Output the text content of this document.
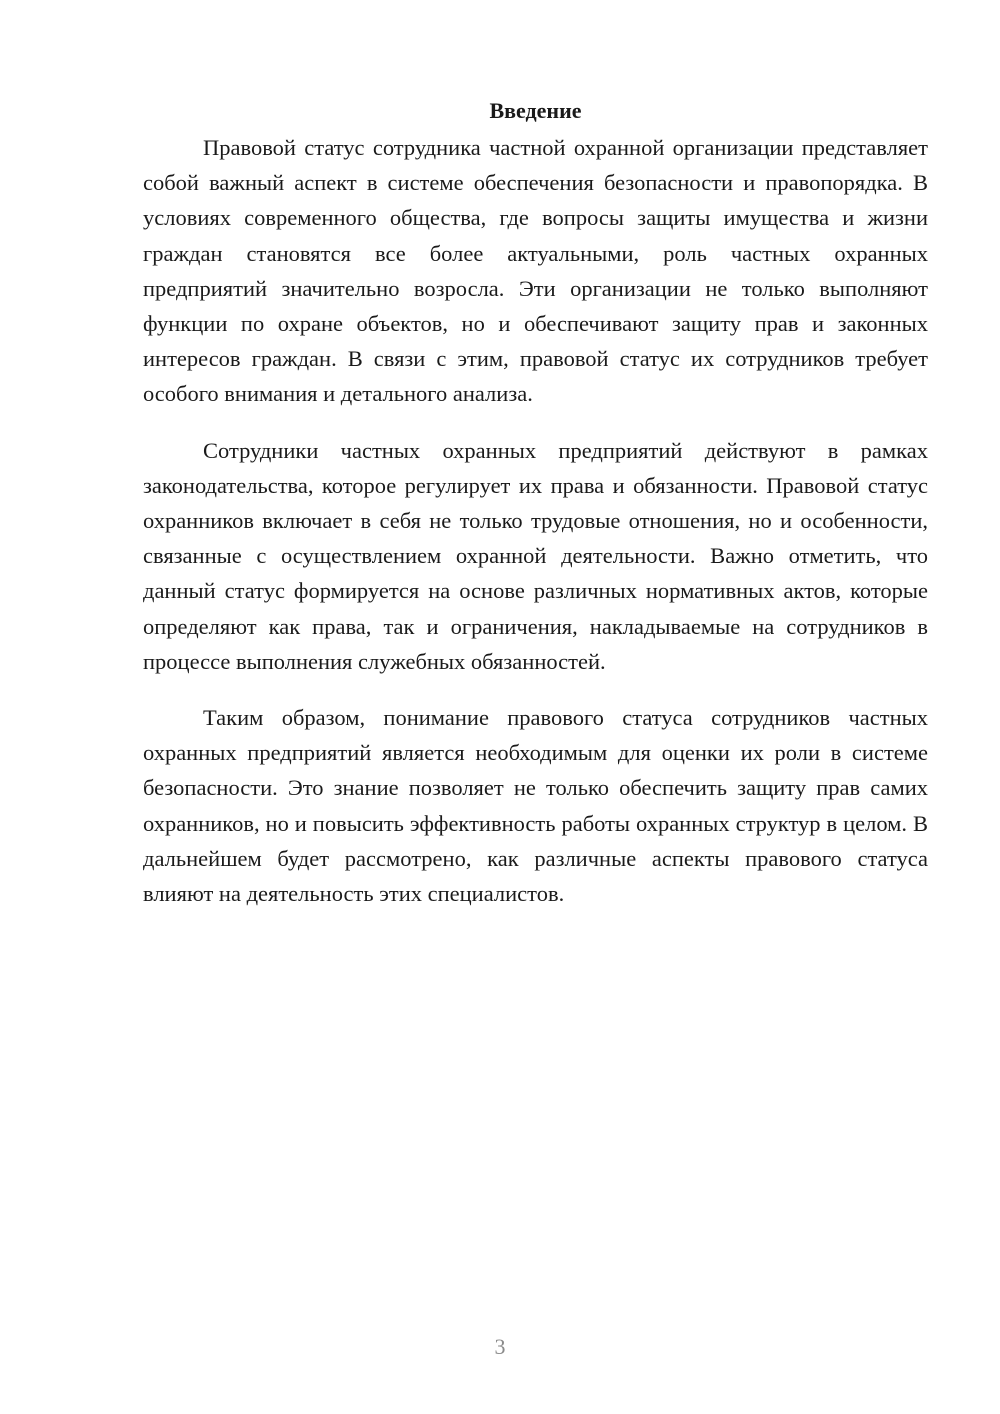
Введение

Правовой статус сотрудника частной охранной организации представляет собой важный аспект в системе обеспечения безопасности и правопорядка. В условиях современного общества, где вопросы защиты имущества и жизни граждан становятся все более актуальными, роль частных охранных предприятий значительно возросла. Эти организации не только выполняют функции по охране объектов, но и обеспечивают защиту прав и законных интересов граждан. В связи с этим, правовой статус их сотрудников требует особого внимания и детального анализа.

Сотрудники частных охранных предприятий действуют в рамках законодательства, которое регулирует их права и обязанности. Правовой статус охранников включает в себя не только трудовые отношения, но и особенности, связанные с осуществлением охранной деятельности. Важно отметить, что данный статус формируется на основе различных нормативных актов, которые определяют как права, так и ограничения, накладываемые на сотрудников в процессе выполнения служебных обязанностей.

Таким образом, понимание правового статуса сотрудников частных охранных предприятий является необходимым для оценки их роли в системе безопасности. Это знание позволяет не только обеспечить защиту прав самих охранников, но и повысить эффективность работы охранных структур в целом. В дальнейшем будет рассмотрено, как различные аспекты правового статуса влияют на деятельность этих специалистов.

3
